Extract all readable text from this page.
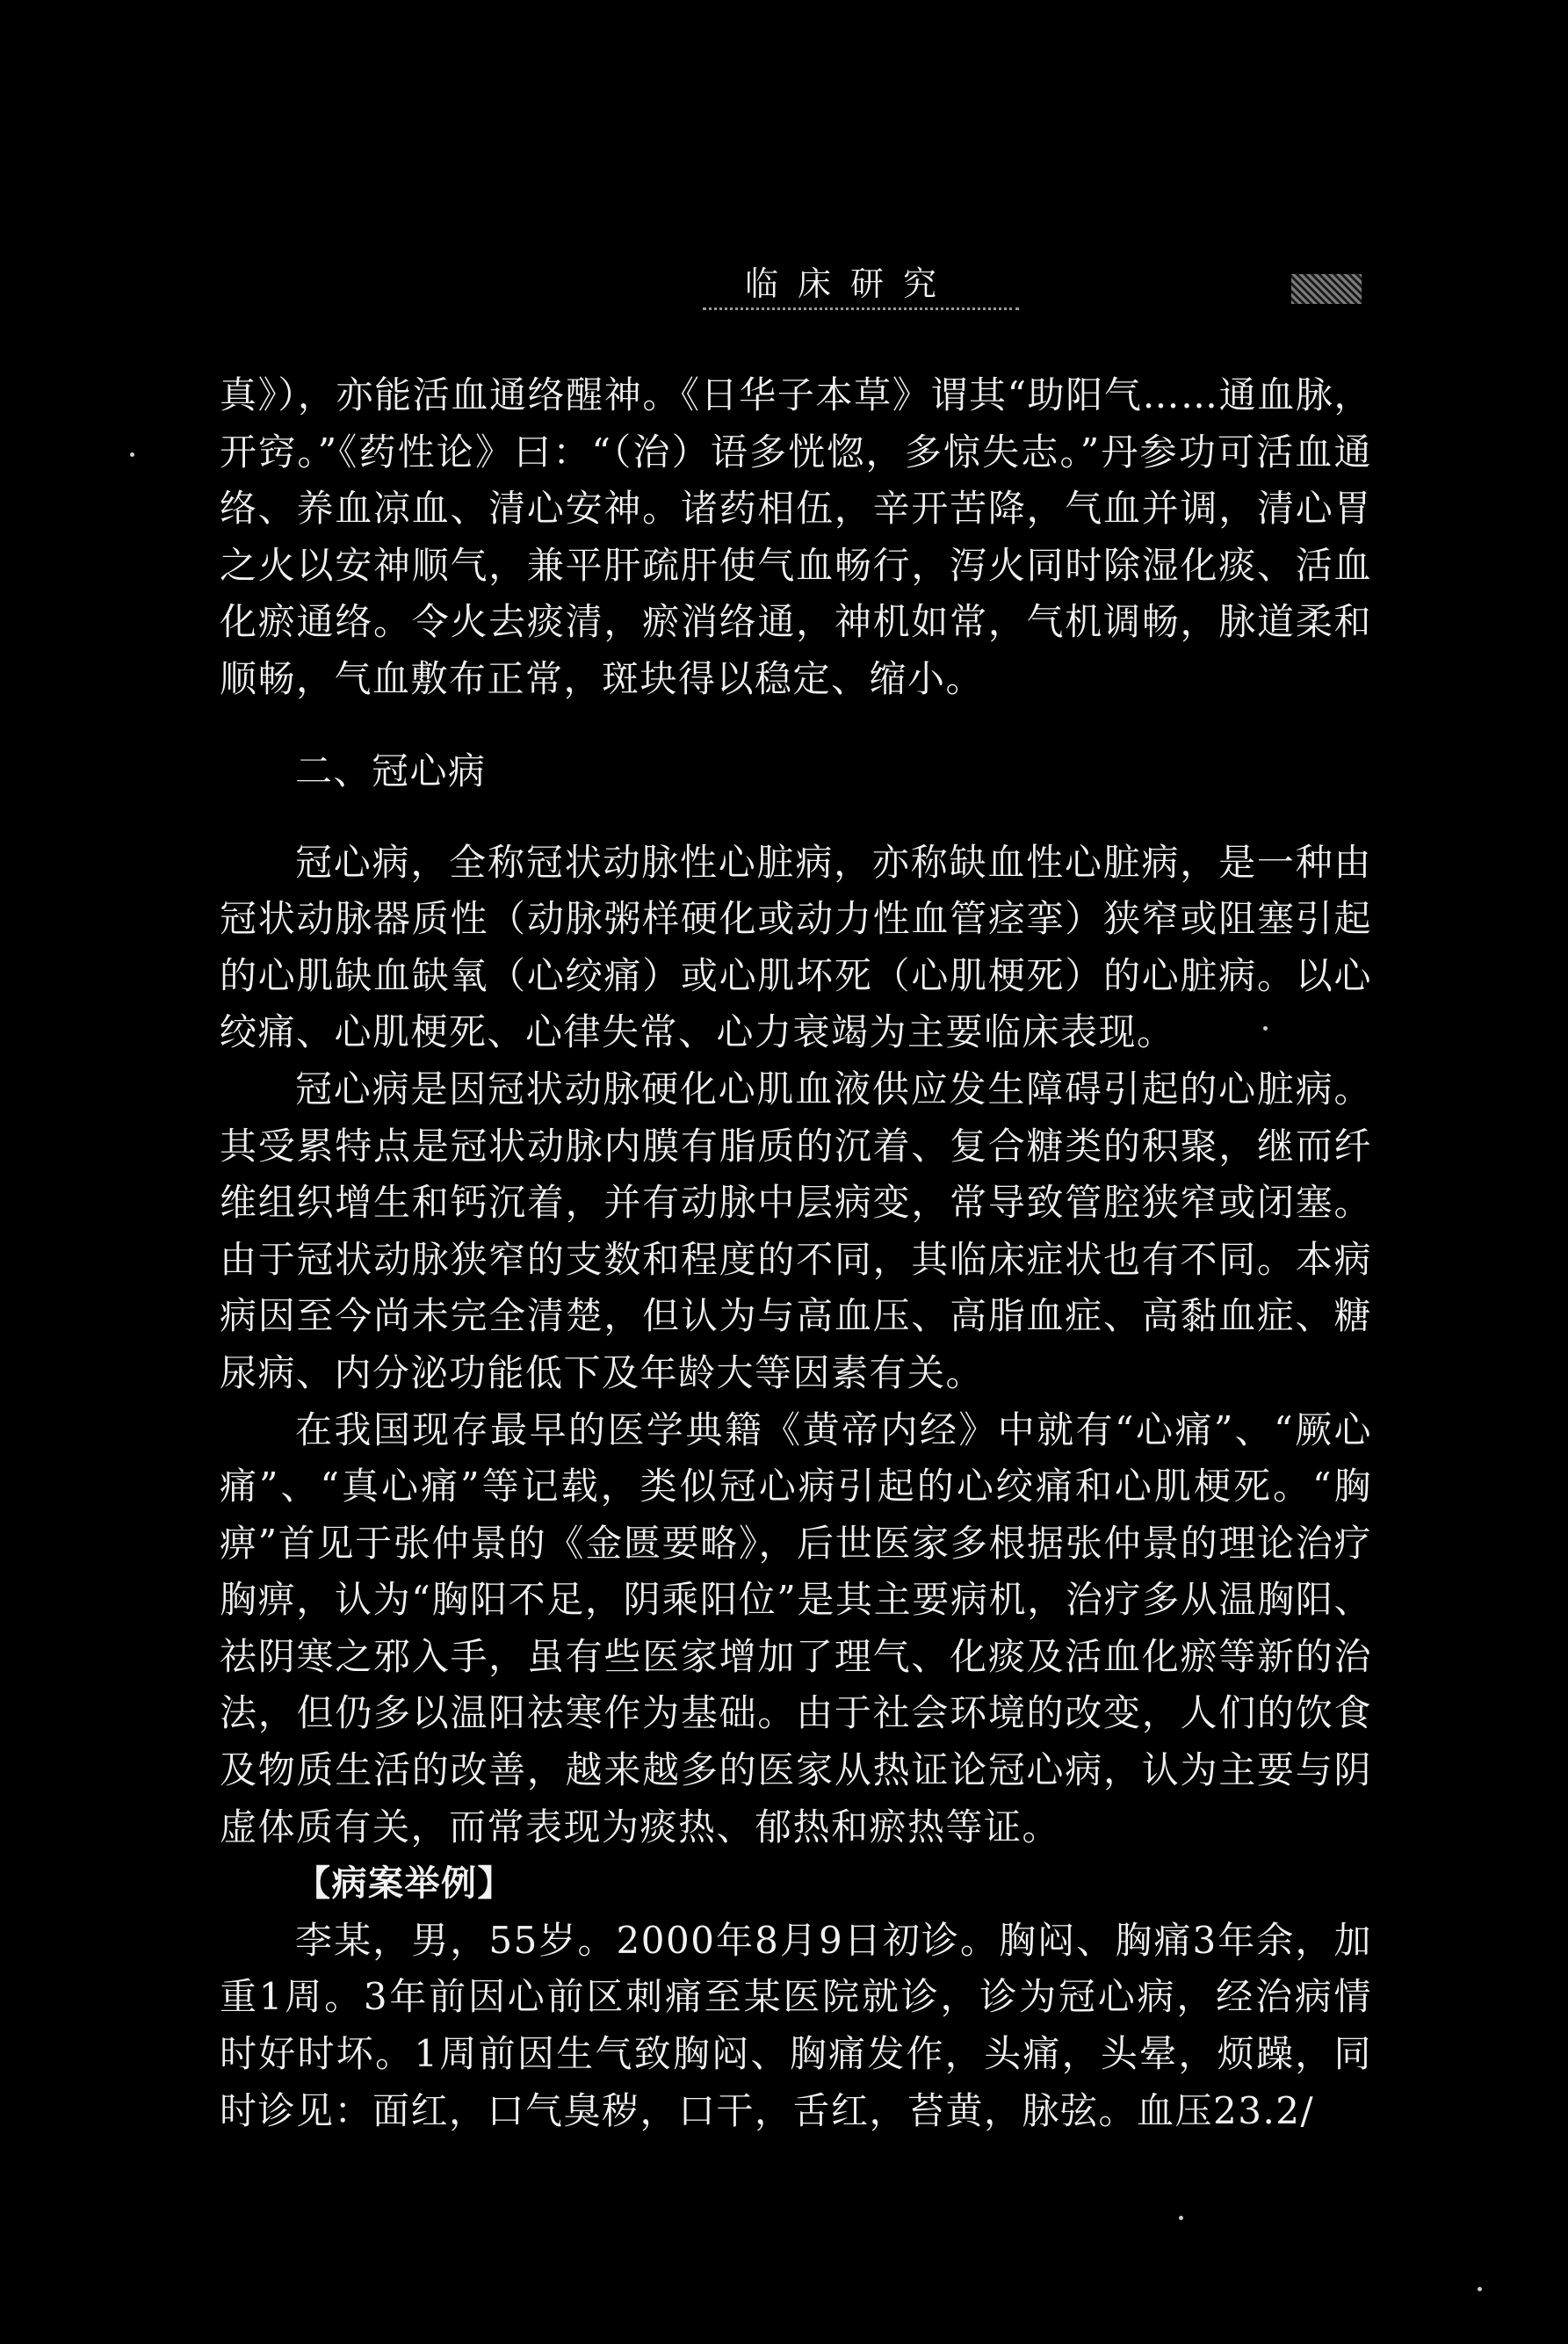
临床研究

真》），亦能活血通络醒神。《日华子本草》谓其“助阳气……通血脉，开窍。”《药性论》曰：“（治）语多恍惚，多惊失志。”丹参功可活血通络、养血凉血、清心安神。诸药相伍，辛开苦降，气血并调，清心胃之火以安神顺气，兼平肝疏肝使气血畅行，泻火同时除湿化痰、活血化瘀通络。令火去痰清，瘀消络通，神机如常，气机调畅，脉道柔和顺畅，气血敷布正常，斑块得以稳定、缩小。

二、冠心病

冠心病，全称冠状动脉性心脏病，亦称缺血性心脏病，是一种由冠状动脉器质性（动脉粥样硬化或动力性血管痉挛）狭窄或阻塞引起的心肌缺血缺氧（心绞痛）或心肌坏死（心肌梗死）的心脏病。以心绞痛、心肌梗死、心律失常、心力衰竭为主要临床表现。

冠心病是因冠状动脉硬化心肌血液供应发生障碍引起的心脏病。其受累特点是冠状动脉内膜有脂质的沉着、复合糖类的积聚，继而纤维组织增生和钙沉着，并有动脉中层病变，常导致管腔狭窄或闭塞。由于冠状动脉狭窄的支数和程度的不同，其临床症状也有不同。本病病因至今尚未完全清楚，但认为与高血压、高脂血症、高黏血症、糖尿病、内分泌功能低下及年龄大等因素有关。

在我国现存最早的医学典籍《黄帝内经》中就有“心痛”、“厥心痛”、“真心痛”等记载，类似冠心病引起的心绞痛和心肌梗死。“胸痹”首见于张仲景的《金匮要略》，后世医家多根据张仲景的理论治疗胸痹，认为“胸阳不足，阴乘阳位”是其主要病机，治疗多从温胸阳、祛阴寒之邪入手，虽有些医家增加了理气、化痰及活血化瘀等新的治法，但仍多以温阳祛寒作为基础。由于社会环境的改变，人们的饮食及物质生活的改善，越来越多的医家从热证论冠心病，认为主要与阴虚体质有关，而常表现为痰热、郁热和瘀热等证。

【病案举例】

李某，男，55岁。2000年8月9日初诊。胸闷、胸痛3年余，加重1周。3年前因心前区刺痛至某医院就诊，诊为冠心病，经治病情时好时坏。1周前因生气致胸闷、胸痛发作，头痛，头晕，烦躁，同时诊见：面红，口气臭秽，口干，舌红，苔黄，脉弦。血压23.2/
